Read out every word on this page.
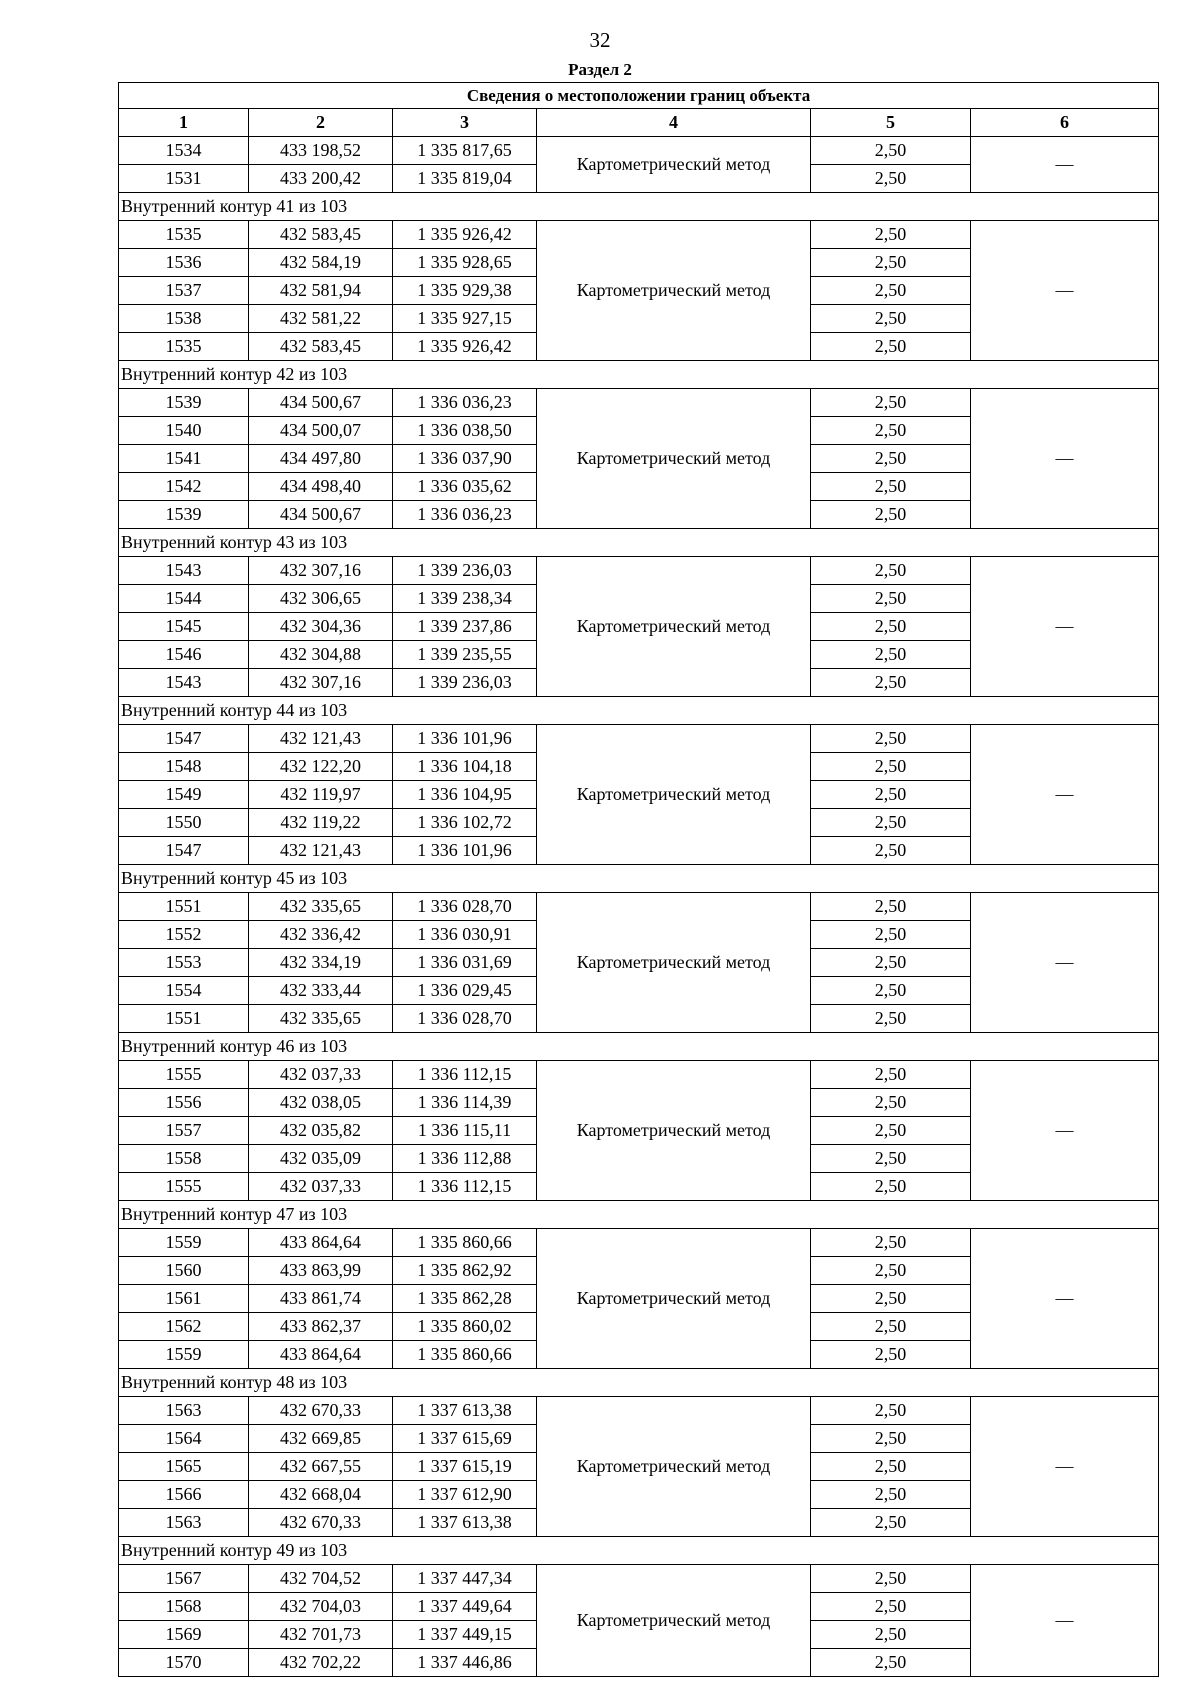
32
Раздел 2
Сведения о местоположении границ объекта					
1	2	3	4	5	6
1534	433 198,52	1 335 817,65	Картометрический метод	2,50	—
1531	433 200,42	1 335 819,04		2,50	
Внутренний контур 41 из 103					
1535	432 583,45	1 335 926,42	Картометрический метод	2,50	—
1536	432 584,19	1 335 928,65		2,50	
1537	432 581,94	1 335 929,38		2,50	
1538	432 581,22	1 335 927,15		2,50	
1535	432 583,45	1 335 926,42		2,50	
Внутренний контур 42 из 103					
1539	434 500,67	1 336 036,23	Картометрический метод	2,50	—
1540	434 500,07	1 336 038,50		2,50	
1541	434 497,80	1 336 037,90		2,50	
1542	434 498,40	1 336 035,62		2,50	
1539	434 500,67	1 336 036,23		2,50	
Внутренний контур 43 из 103					
1543	432 307,16	1 339 236,03	Картометрический метод	2,50	—
1544	432 306,65	1 339 238,34		2,50	
1545	432 304,36	1 339 237,86		2,50	
1546	432 304,88	1 339 235,55		2,50	
1543	432 307,16	1 339 236,03		2,50	
Внутренний контур 44 из 103					
1547	432 121,43	1 336 101,96	Картометрический метод	2,50	—
1548	432 122,20	1 336 104,18		2,50	
1549	432 119,97	1 336 104,95		2,50	
1550	432 119,22	1 336 102,72		2,50	
1547	432 121,43	1 336 101,96		2,50	
Внутренний контур 45 из 103					
1551	432 335,65	1 336 028,70	Картометрический метод	2,50	—
1552	432 336,42	1 336 030,91		2,50	
1553	432 334,19	1 336 031,69		2,50	
1554	432 333,44	1 336 029,45		2,50	
1551	432 335,65	1 336 028,70		2,50	
Внутренний контур 46 из 103					
1555	432 037,33	1 336 112,15	Картометрический метод	2,50	—
1556	432 038,05	1 336 114,39		2,50	
1557	432 035,82	1 336 115,11		2,50	
1558	432 035,09	1 336 112,88		2,50	
1555	432 037,33	1 336 112,15		2,50	
Внутренний контур 47 из 103					
1559	433 864,64	1 335 860,66	Картометрический метод	2,50	—
1560	433 863,99	1 335 862,92		2,50	
1561	433 861,74	1 335 862,28		2,50	
1562	433 862,37	1 335 860,02		2,50	
1559	433 864,64	1 335 860,66		2,50	
Внутренний контур 48 из 103					
1563	432 670,33	1 337 613,38	Картометрический метод	2,50	—
1564	432 669,85	1 337 615,69		2,50	
1565	432 667,55	1 337 615,19		2,50	
1566	432 668,04	1 337 612,90		2,50	
1563	432 670,33	1 337 613,38		2,50	
Внутренний контур 49 из 103					
1567	432 704,52	1 337 447,34	Картометрический метод	2,50	—
1568	432 704,03	1 337 449,64		2,50	
1569	432 701,73	1 337 449,15		2,50	
1570	432 702,22	1 337 446,86		2,50	
